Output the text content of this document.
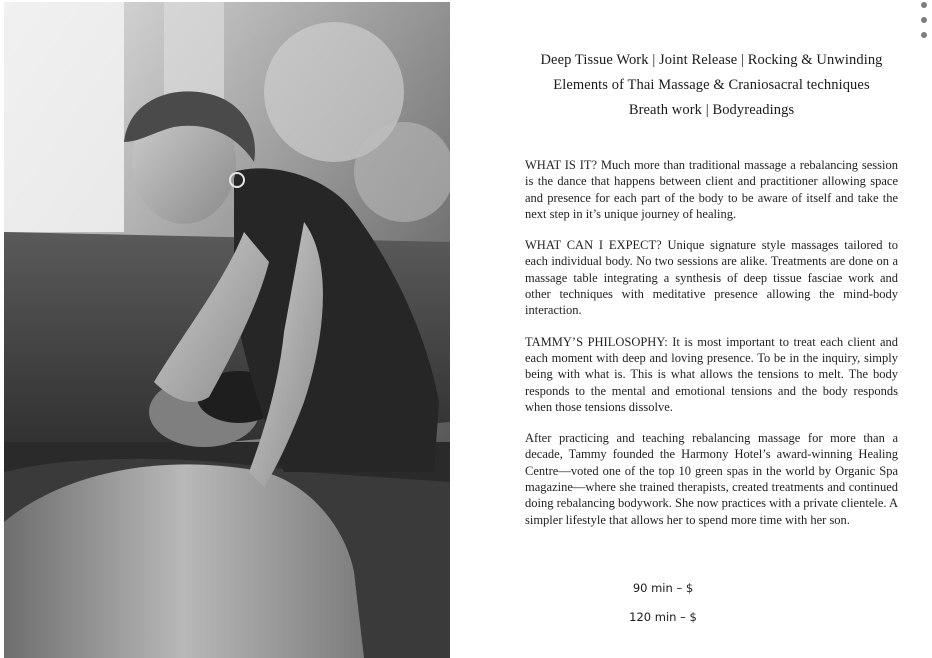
Deep Tissue Work | Joint Release | Rocking & Unwinding
Elements of Thai Massage & Craniosacral techniques
Breath work | Bodyreadings

WHAT IS IT? Much more than traditional massage a rebalancing session is the dance that happens between client and practitioner allowing space and presence for each part of the body to be aware of itself and take the next step in it’s unique journey of healing.

WHAT CAN I EXPECT? Unique signature style massages tailored to each individual body. No two sessions are alike. Treatments are done on a massage table integrating a synthesis of deep tissue fasciae work and other techniques with meditative presence allowing the mind-body interaction.

TAMMY’S PHILOSOPHY: It is most important to treat each client and each moment with deep and loving presence. To be in the inquiry, simply being with what is. This is what allows the tensions to melt. The body responds to the mental and emotional tensions and the body responds when those tensions dissolve.

After practicing and teaching rebalancing massage for more than a decade, Tammy founded the Harmony Hotel’s award-winning Healing Centre—voted one of the top 10 green spas in the world by Organic Spa magazine—where she trained therapists, created treatments and continued doing rebalancing bodywork. She now practices with a private clientele. A simpler lifestyle that allows her to spend more time with her son.

90 min – $
120 min – $
